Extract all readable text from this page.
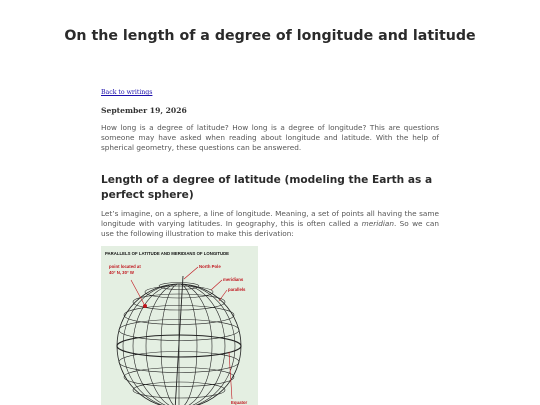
On the length of a degree of longitude and latitude
Back to writings
September 19, 2026

How long is a degree of latitude? How long is a degree of longitude? This are questions someone may have asked when reading about longitude and latitude. With the help of spherical geometry, these questions can be answered.

Length of a degree of latitude (modeling the Earth as a perfect sphere)

Let’s imagine, on a sphere, a line of longitude. Meaning, a set of points all having the same longitude with varying latitudes. In geography, this is often called a meridian. So we can use the following illustration to make this derivation:

PARALLELS OF LATITUDE AND MERIDIANS OF LONGITUDE
point located at
40° N, 30° W
North Pole
meridians
parallels
Equator
